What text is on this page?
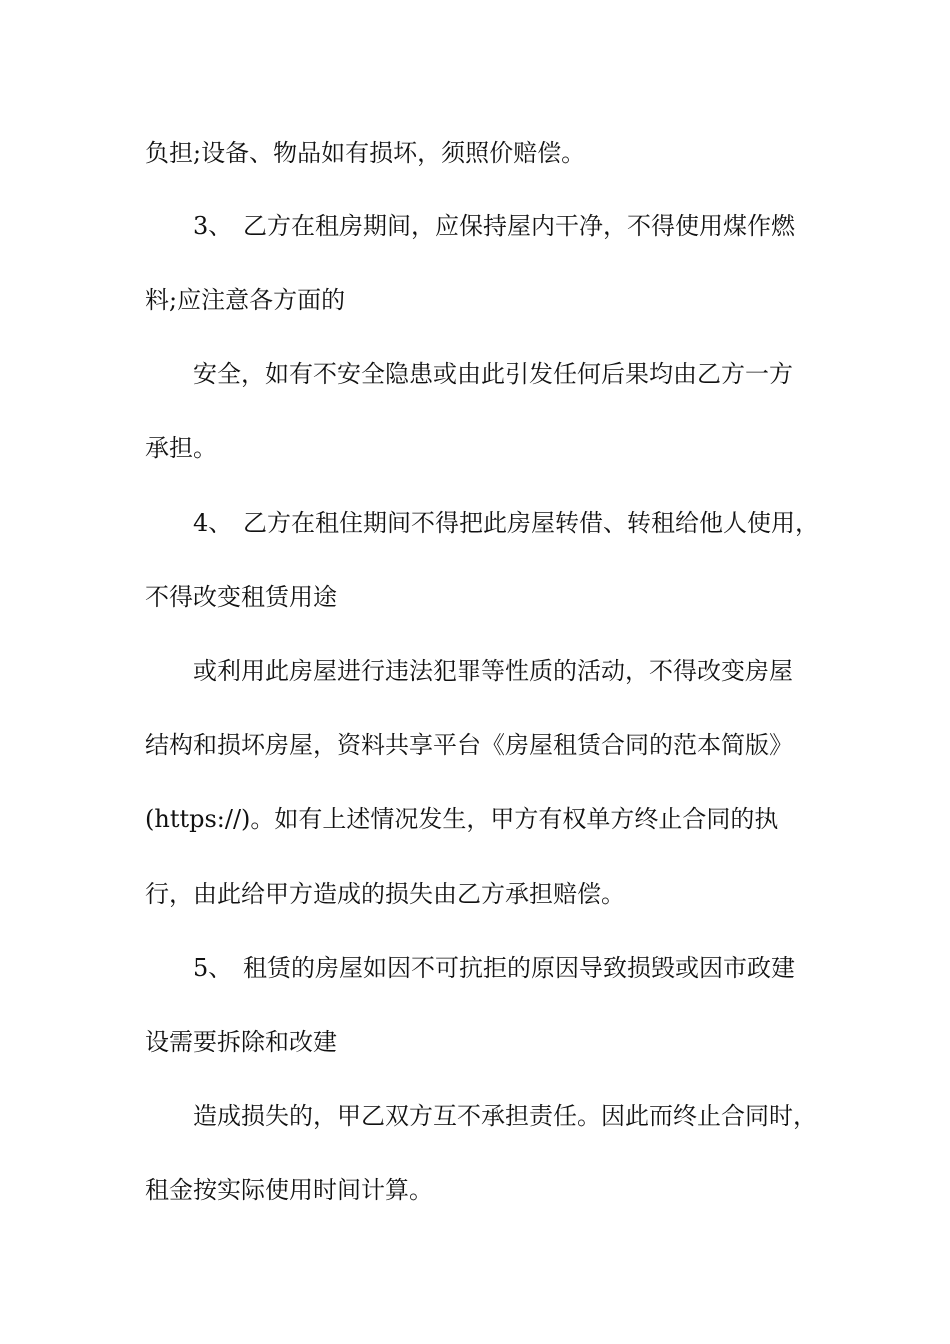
负担;设备、物品如有损坏，须照价赔偿。
3、 乙方在租房期间，应保持屋内干净，不得使用煤作燃
料;应注意各方面的
安全，如有不安全隐患或由此引发任何后果均由乙方一方
承担。
4、 乙方在租住期间不得把此房屋转借、转租给他人使用，
不得改变租赁用途
或利用此房屋进行违法犯罪等性质的活动，不得改变房屋
结构和损坏房屋，资料共享平台《房屋租赁合同的范本简版》
(https://)。如有上述情况发生，甲方有权单方终止合同的执
行，由此给甲方造成的损失由乙方承担赔偿。
5、 租赁的房屋如因不可抗拒的原因导致损毁或因市政建
设需要拆除和改建
造成损失的，甲乙双方互不承担责任。因此而终止合同时，
租金按实际使用时间计算。
